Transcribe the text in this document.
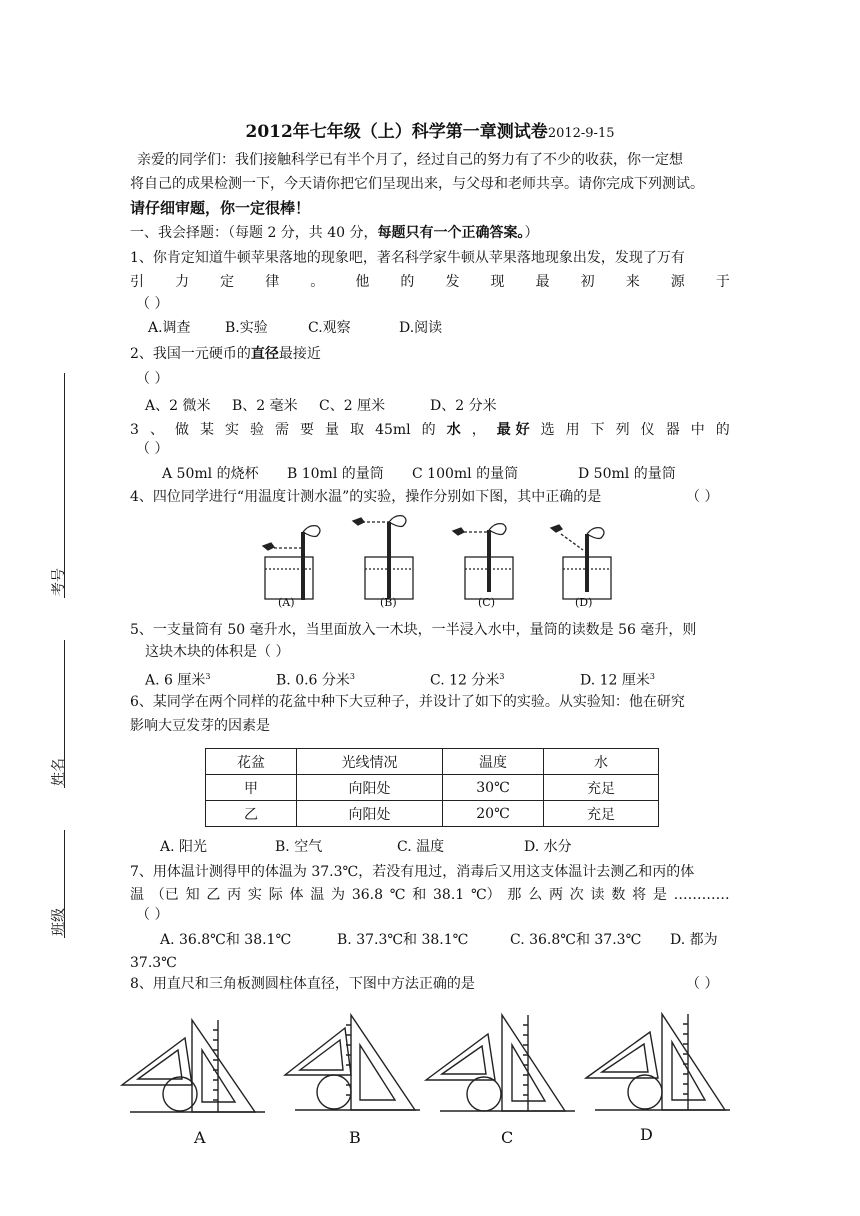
2012年七年级（上）科学第一章测试卷2012-9-15
亲爱的同学们：我们接触科学已有半个月了，经过自己的努力有了不少的收获，你一定想
将自己的成果检测一下，今天请你把它们呈现出来，与父母和老师共享。请你完成下列测试。
请仔细审题，你一定很棒！
一、我会择题：（每题 2 分，共 40 分，每题只有一个正确答案。）
1、你肯定知道牛顿苹果落地的现象吧，著名科学家牛顿从苹果落地现象出发，发现了万有
引 力 定 律 。 他 的 发 现 最 初 来 源 于
（ ）
A.调查 B.实验	C.观察	D.阅读
2、我国一元硬币的直径最接近
（ ）
A、2 微米 B、2 毫米 C、2 厘米	D、2 分米
3 、 做 某 实 验 需 要 量 取 45ml 的 水 ， 最 好 选 用 下 列 仪 器 中 的
（ ）
A 50ml 的烧杯 B 10ml 的量筒 C 100ml 的量筒	D 50ml 的量筒
4、四位同学进行“用温度计测水温”的实验，操作分别如下图，其中正确的是	（ ）
(A)	(B)	(C)	(D)
5、一支量筒有 50 毫升水，当里面放入一木块，一半浸入水中，量筒的读数是 56 毫升，则
这块木块的体积是（ ）
A. 6 厘米$^3$	B. 0.6 分米$^3$	C. 12 分米$^3$	D. 12 厘米$^3$
6、某同学在两个同样的花盆中种下大豆种子，并设计了如下的实验。从实验知：他在研究
影响大豆发芽的因素是
花盆	光线情况	温度	水
甲	向阳处	30℃	充足
乙	向阳处	20℃	充足
A. 阳光	B. 空气	C. 温度	D. 水分
7、用体温计测得甲的体温为 37.3℃，若没有甩过，消毒后又用这支体温计去测乙和丙的体
温 （已 知 乙 丙 实 际 体 温 为 36.8 ℃ 和 38.1 ℃） 那 么 两 次 读 数 将 是 …………
（ ）
A. 36.8℃和 38.1℃	B. 37.3℃和 38.1℃	C. 36.8℃和 37.3℃ D. 都为
37.3℃
8、用直尺和三角板测圆柱体直径，下图中方法正确的是	（ ）
A	B	C	D
考号
姓名
班级
